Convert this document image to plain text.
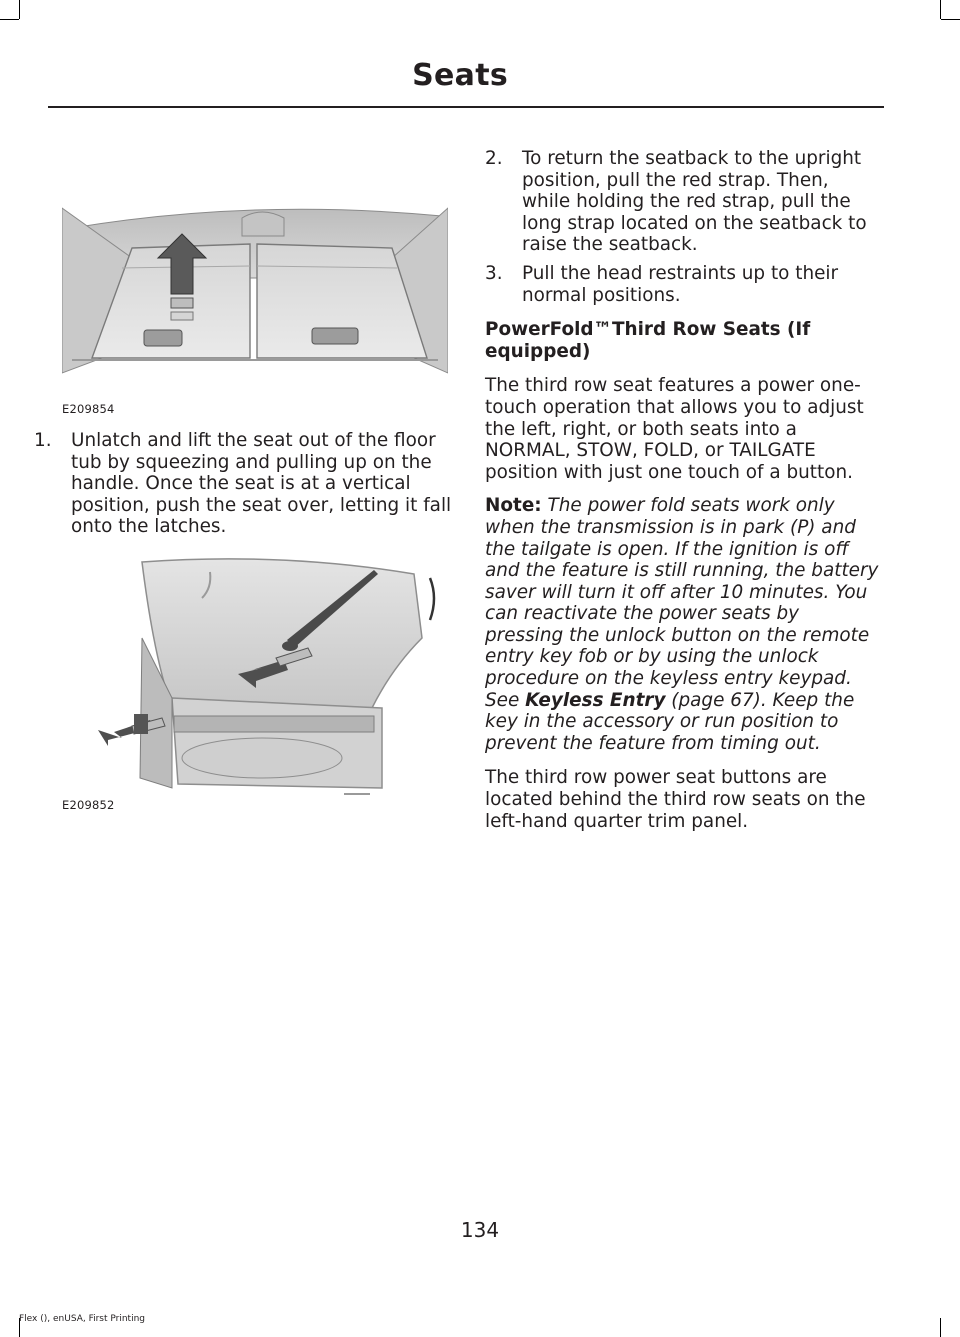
Seats
E209854

1. Unlatch and lift the seat out of the floor tub by squeezing and pulling up on the handle. Once the seat is at a vertical position, push the seat over, letting it fall onto the latches.

E209852

2. To return the seatback to the upright position, pull the red strap. Then, while holding the red strap, pull the long strap located on the seatback to raise the seatback.

3. Pull the head restraints up to their normal positions.

PowerFold™Third Row Seats (If equipped)

The third row seat features a power one-touch operation that allows you to adjust the left, right, or both seats into a NORMAL, STOW, FOLD, or TAILGATE position with just one touch of a button.

Note: The power fold seats work only when the transmission is in park (P) and the tailgate is open. If the ignition is off and the feature is still running, the battery saver will turn it off after 10 minutes. You can reactivate the power seats by pressing the unlock button on the remote entry key fob or by using the unlock procedure on the keyless entry keypad. See Keyless Entry (page 67). Keep the key in the accessory or run position to prevent the feature from timing out.

The third row power seat buttons are located behind the third row seats on the left-hand quarter trim panel.

134
Flex (), enUSA, First Printing
